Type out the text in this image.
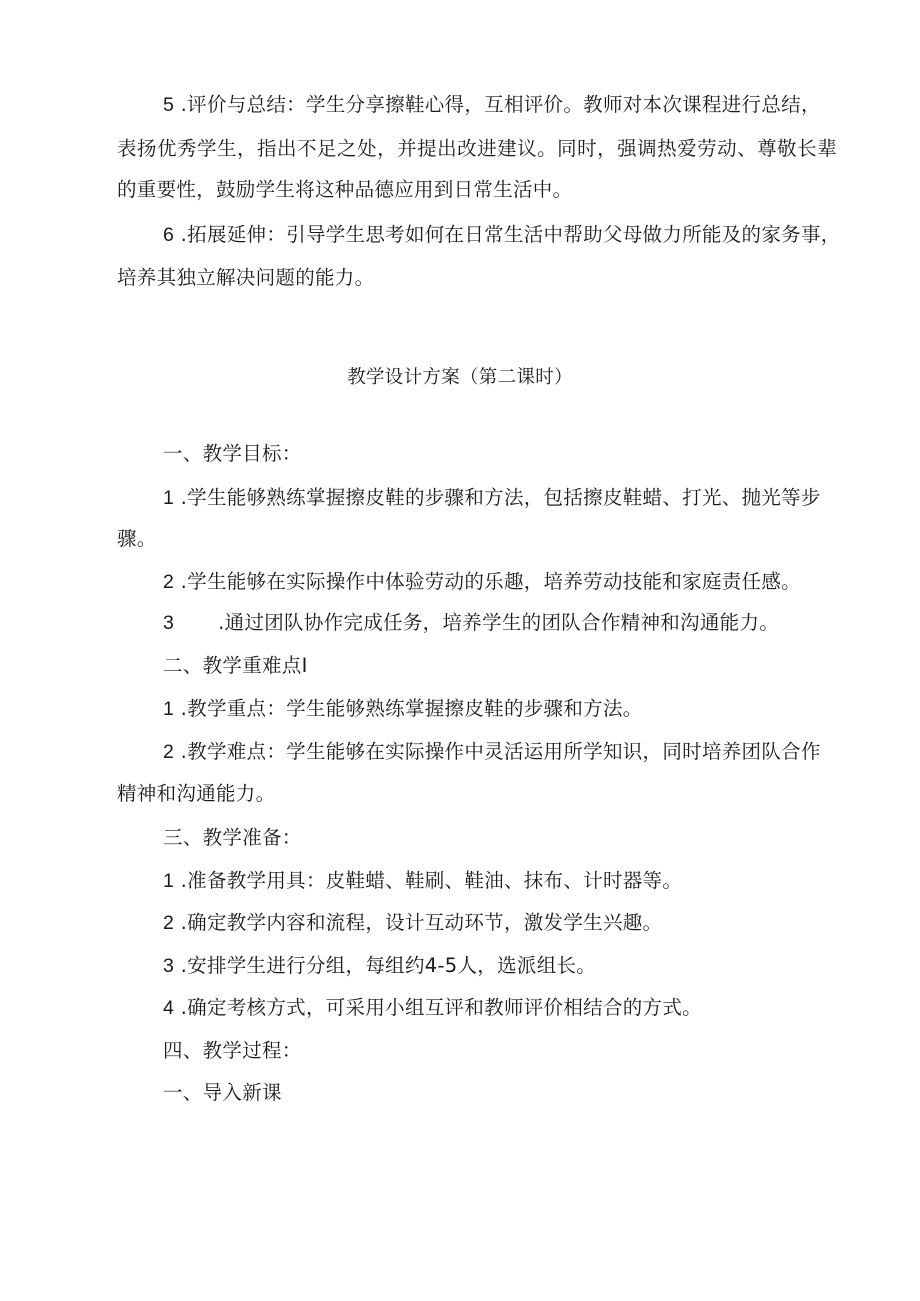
5 .评价与总结：学生分享擦鞋心得，互相评价。教师对本次课程进行总结，
表扬优秀学生，指出不足之处，并提出改进建议。同时，强调热爱劳动、尊敬长辈
的重要性，鼓励学生将这种品德应用到日常生活中。
6 .拓展延伸：引导学生思考如何在日常生活中帮助父母做力所能及的家务事，
培养其独立解决问题的能力。
教学设计方案（第二课时）
一、教学目标：
1 .学生能够熟练掌握擦皮鞋的步骤和方法，包括擦皮鞋蜡、打光、抛光等步
骤。
2 .学生能够在实际操作中体验劳动的乐趣，培养劳动技能和家庭责任感。
3 .通过团队协作完成任务，培养学生的团队合作精神和沟通能力。
二、教学重难点I
1 .教学重点：学生能够熟练掌握擦皮鞋的步骤和方法。
2 .教学难点：学生能够在实际操作中灵活运用所学知识，同时培养团队合作
精神和沟通能力。
三、教学准备：
1 .准备教学用具：皮鞋蜡、鞋刷、鞋油、抹布、计时器等。
2 .确定教学内容和流程，设计互动环节，激发学生兴趣。
3 .安排学生进行分组，每组约4-5人，选派组长。
4 .确定考核方式，可采用小组互评和教师评价相结合的方式。
四、教学过程：
一、导入新课
